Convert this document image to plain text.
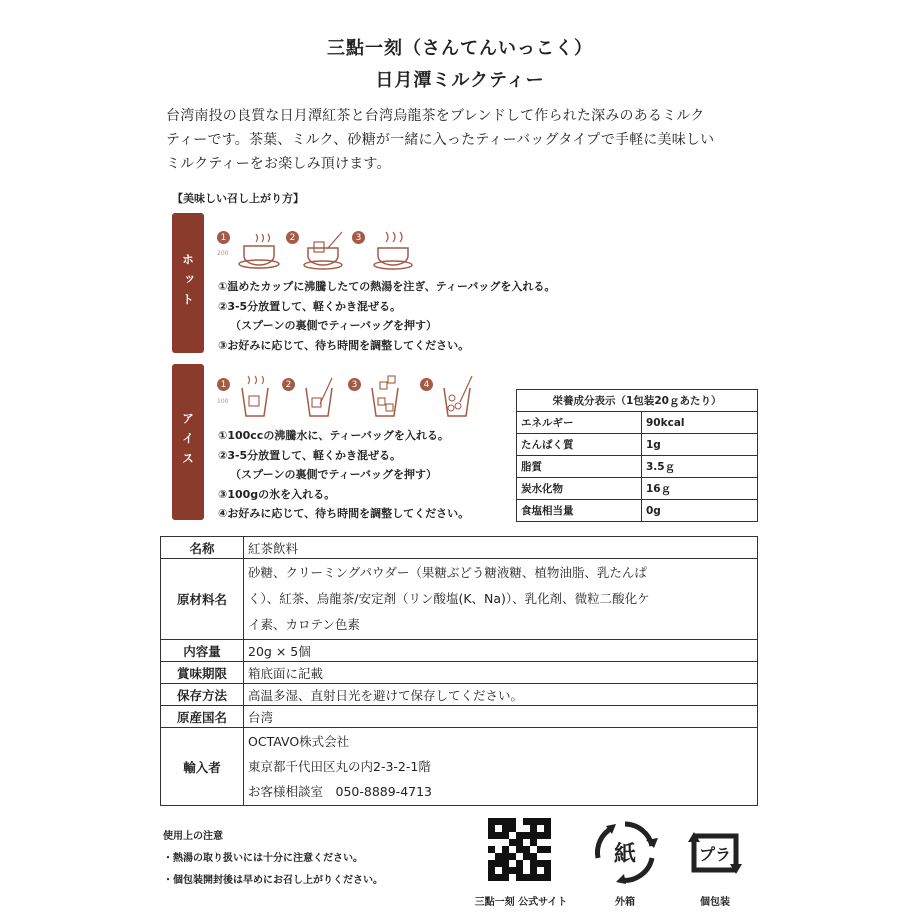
三點一刻（さんてんいっこく）
日月潭ミルクティー
台湾南投の良質な日月潭紅茶と台湾烏龍茶をブレンドして作られた深みのあるミルク
ティーです。茶葉、ミルク、砂糖が一緒に入ったティーバッグタイプで手軽に美味しい
ミルクティーをお楽しみ頂けます。
【美味しい召し上がり方】
ホット
1
200
2	3
①温めたカップに沸騰したての熱湯を注ぎ、ティーバッグを入れる。
②3-5分放置して、軽くかき混ぜる。
（スプーンの裏側でティーバッグを押す）
③お好みに応じて、待ち時間を調整してください。
アイス
1
100
2	3	4
①100ccの沸騰水に、ティーバッグを入れる。
②3-5分放置して、軽くかき混ぜる。
（スプーンの裏側でティーバッグを押す）
③100gの氷を入れる。
④お好みに応じて、待ち時間を調整してください。
栄養成分表示（1包装20ｇあたり）	
エネルギー	90kcal
たんぱく質	1g
脂質	3.5ｇ
炭水化物	16ｇ
食塩相当量	0g
名称	紅茶飲料
原材料名	砂糖、クリーミングパウダー（果糖ぶどう糖液糖、植物油脂、乳たんぱ
く）、紅茶、烏龍茶/安定剤（リン酸塩(K、Na)）、乳化剤、微粒二酸化ケ
イ素、カロテン色素

内容量	20g × 5個
賞味期限	箱底面に記載
保存方法	高温多湿、直射日光を避けて保存してください。
原産国名	台湾
輸入者	OCTAVO株式会社
東京都千代田区丸の内2-3-2-1階
お客様相談室　050-8889-4713
使用上の注意
・熱湯の取り扱いには十分に注意ください。
・個包装開封後は早めにお召し上がりください。
三點一刻 公式サイト
紙
外箱
プラ
個包装
